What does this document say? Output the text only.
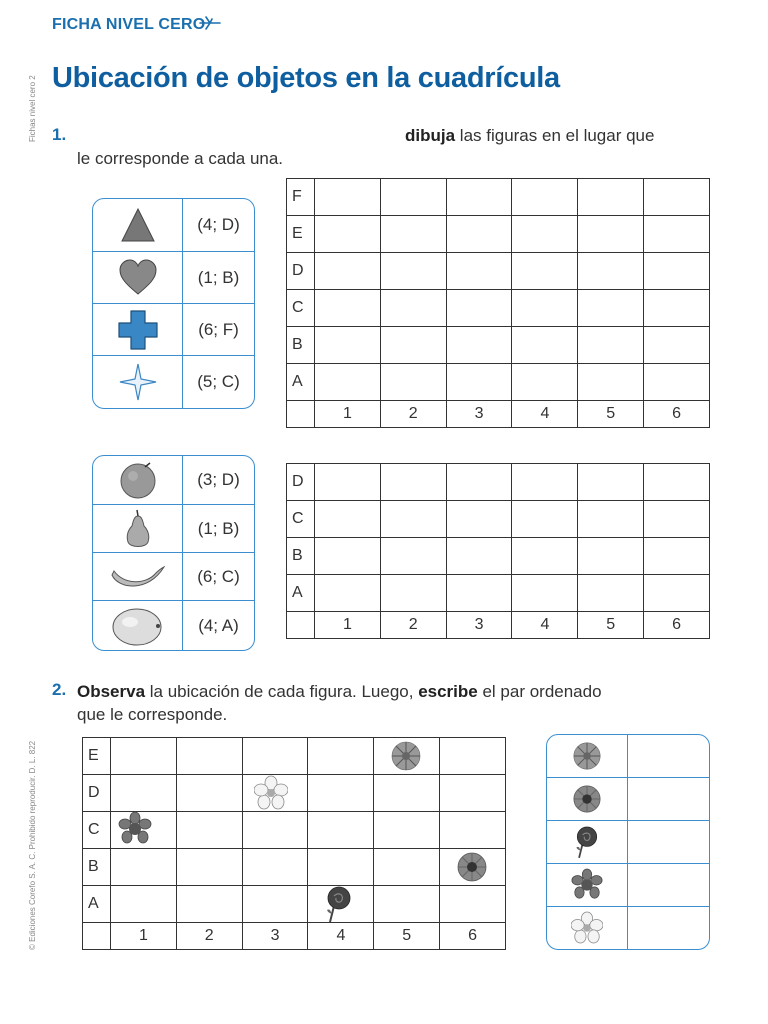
FICHA NIVEL CERO
Ubicación de objetos en la cuadrícula
Fichas nivel cero 2
© Ediciones Corefo S. A. C. Prohibido reproducir. D. L. 822
1.	dibuja las figuras en el lugar que
le corresponde a cada una.
(4; D)
(1; B)
(6; F)
(5; C)
F						
E						
D						
C						
B						
A						
	1	2	3	4	5	6
(3; D)
(1; B)
(6; C)
(4; A)
D						
C						
B						
A						
	1	2	3	4	5	6
2. Observa la ubicación de cada figura. Luego, escribe el par ordenado
que le corresponde.
E						
D						
C						
B						
A						
	1	2	3	4	5	6
